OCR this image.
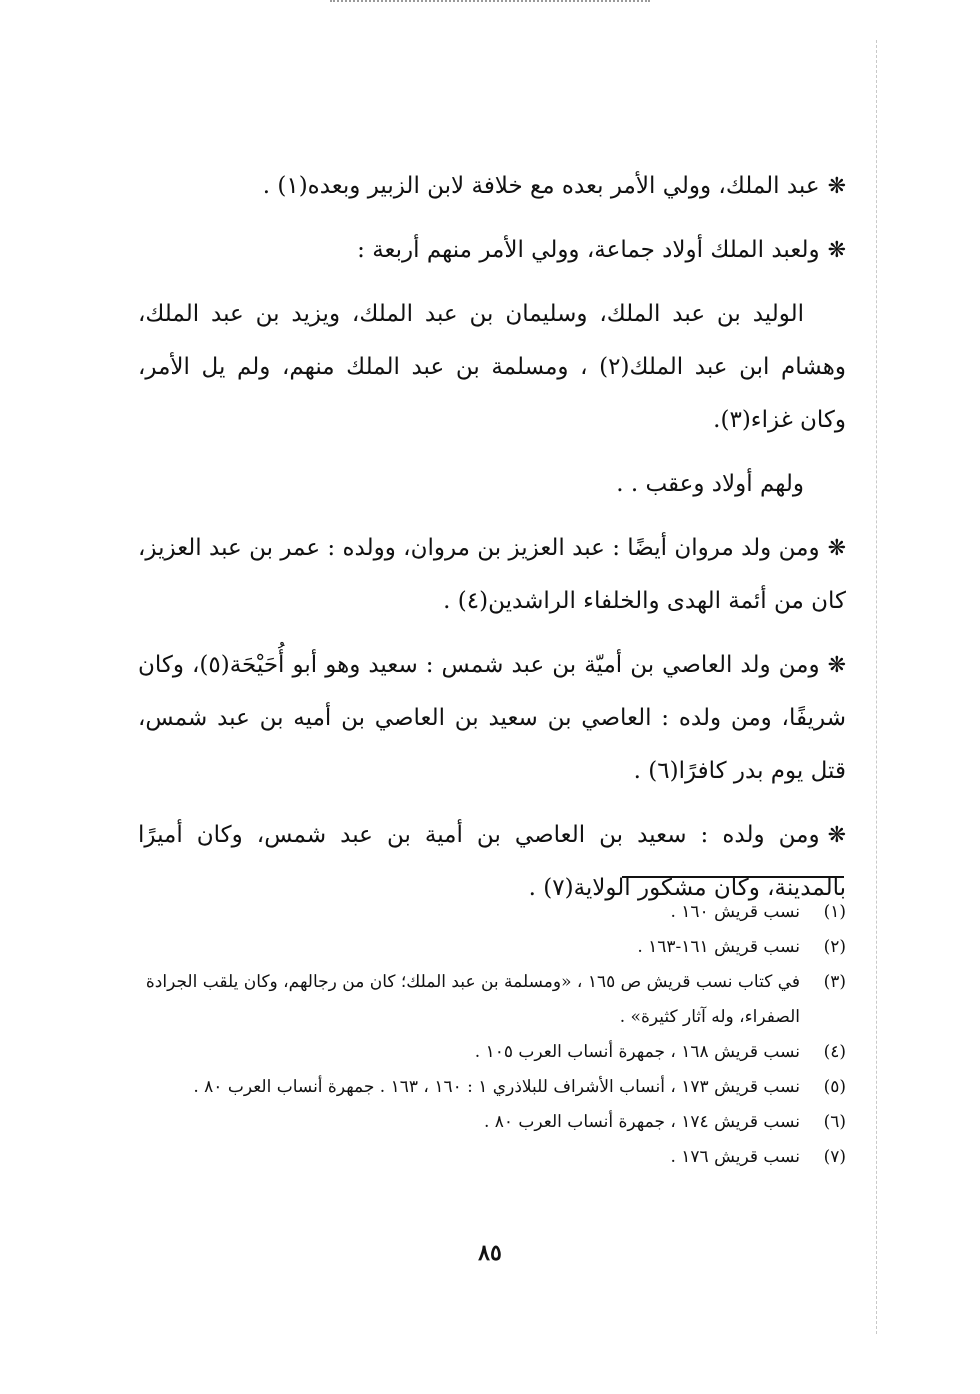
❋عبد الملك، وولي الأمر بعده مع خلافة لابن الزبير وبعده(١) .

❋ولعبد الملك أولاد جماعة، وولي الأمر منهم أربعة :

الوليد بن عبد الملك، وسليمان بن عبد الملك، ويزيد بن عبد الملك، وهشام ابن عبد الملك(٢) ، ومسلمة بن عبد الملك منهم، ولم يل الأمر، وكان غزاء(٣).

ولهم أولاد وعقب . .

❋ومن ولد مروان أيضًا : عبد العزيز بن مروان، وولده : عمر بن عبد العزيز، كان من أئمة الهدى والخلفاء الراشدين(٤) .

❋ومن ولد العاصي بن أميّة بن عبد شمس : سعيد وهو أبو أُحَيْحَة(٥)، وكان شريفًا، ومن ولده : العاصي بن سعيد بن العاصي بن أميه بن عبد شمس، قتل يوم بدر كافرًا(٦) .

❋ومن ولده : سعيد بن العاصي بن أمية بن عبد شمس، وكان أميرًا بالمدينة، وكان مشكور الولاية(٧) .

(١)
نسب قريش ١٦٠ .

(٢)
نسب قريش ١٦١-١٦٣ .

(٣)
في كتاب نسب قريش ص ١٦٥ ، «ومسلمة بن عبد الملك؛ كان من رجالهم، وكان يلقب الجرادة الصفراء، وله آثار كثيرة» .

(٤)
نسب قريش ١٦٨ ، جمهرة أنساب العرب ١٠٥ .

(٥)
نسب قريش ١٧٣ ، أنساب الأشراف للبلاذري ١ : ١٦٠ ، ١٦٣ . جمهرة أنساب العرب ٨٠ .

(٦)
نسب قريش ١٧٤ ، جمهرة أنساب العرب ٨٠ .

(٧)
نسب قريش ١٧٦ .

٨٥
